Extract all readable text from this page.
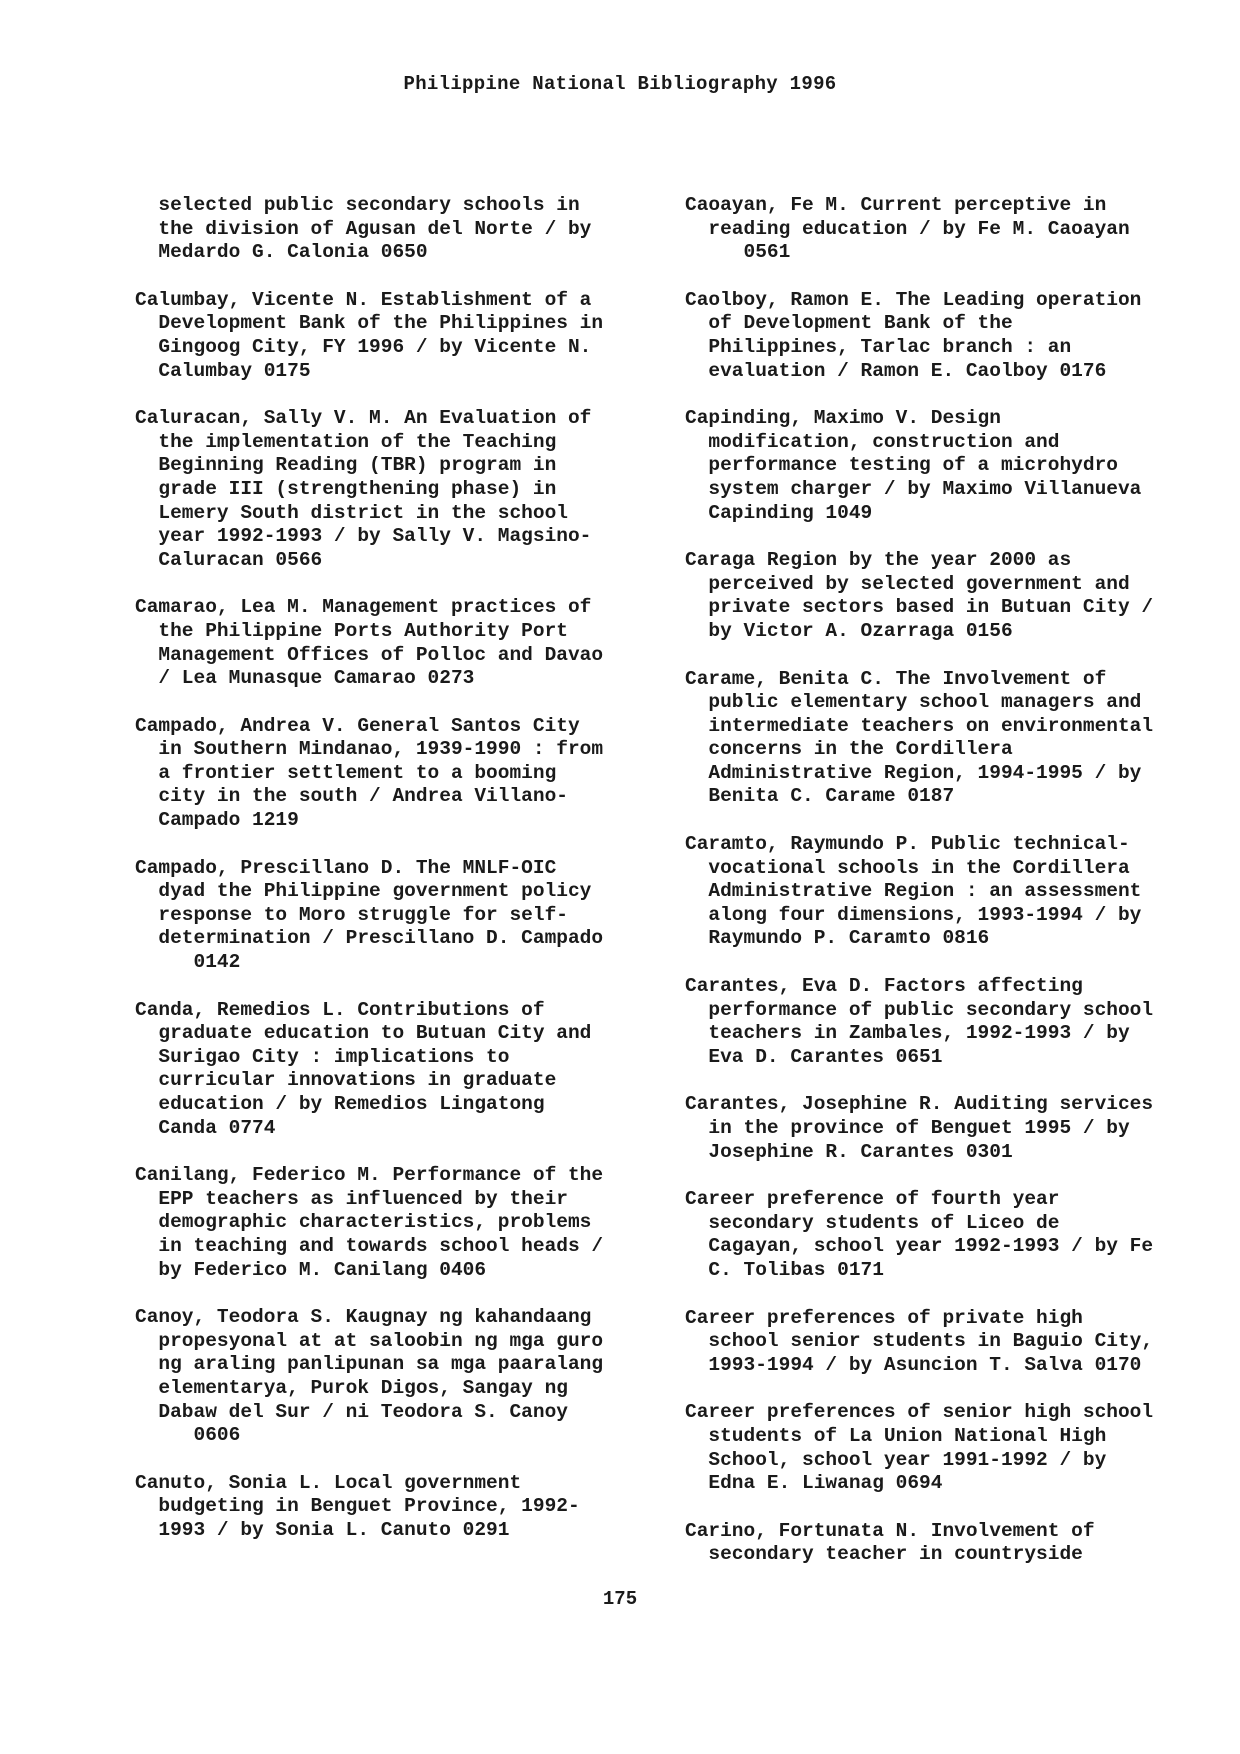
Philippine National Bibliography 1996

selected public secondary schools in
the division of Agusan del Norte / by
Medardo G. Calonia 0650

Calumbay, Vicente N. Establishment of a
Development Bank of the Philippines in
Gingoog City, FY 1996 / by Vicente N.
Calumbay 0175

Caluracan, Sally V. M. An Evaluation of
the implementation of the Teaching
Beginning Reading (TBR) program in
grade III (strengthening phase) in
Lemery South district in the school
year 1992-1993 / by Sally V. Magsino-
Caluracan 0566

Camarao, Lea M. Management practices of
the Philippine Ports Authority Port
Management Offices of Polloc and Davao
/ Lea Munasque Camarao 0273

Campado, Andrea V. General Santos City
in Southern Mindanao, 1939-1990 : from
a frontier settlement to a booming
city in the south / Andrea Villano-
Campado 1219

Campado, Prescillano D. The MNLF-OIC
dyad the Philippine government policy
response to Moro struggle for self-
determination / Prescillano D. Campado
0142

Canda, Remedios L. Contributions of
graduate education to Butuan City and
Surigao City : implications to
curricular innovations in graduate
education / by Remedios Lingatong
Canda 0774

Canilang, Federico M. Performance of the
EPP teachers as influenced by their
demographic characteristics, problems
in teaching and towards school heads /
by Federico M. Canilang 0406

Canoy, Teodora S. Kaugnay ng kahandaang
propesyonal at at saloobin ng mga guro
ng araling panlipunan sa mga paaralang
elementarya, Purok Digos, Sangay ng
Dabaw del Sur / ni Teodora S. Canoy
0606

Canuto, Sonia L. Local government
budgeting in Benguet Province, 1992-
1993 / by Sonia L. Canuto 0291

Caoayan, Fe M. Current perceptive in
reading education / by Fe M. Caoayan
0561

Caolboy, Ramon E. The Leading operation
of Development Bank of the
Philippines, Tarlac branch : an
evaluation / Ramon E. Caolboy 0176

Capinding, Maximo V. Design
modification, construction and
performance testing of a microhydro
system charger / by Maximo Villanueva
Capinding 1049

Caraga Region by the year 2000 as
perceived by selected government and
private sectors based in Butuan City /
by Victor A. Ozarraga 0156

Carame, Benita C. The Involvement of
public elementary school managers and
intermediate teachers on environmental
concerns in the Cordillera
Administrative Region, 1994-1995 / by
Benita C. Carame 0187

Caramto, Raymundo P. Public technical-
vocational schools in the Cordillera
Administrative Region : an assessment
along four dimensions, 1993-1994 / by
Raymundo P. Caramto 0816

Carantes, Eva D. Factors affecting
performance of public secondary school
teachers in Zambales, 1992-1993 / by
Eva D. Carantes 0651

Carantes, Josephine R. Auditing services
in the province of Benguet 1995 / by
Josephine R. Carantes 0301

Career preference of fourth year
secondary students of Liceo de
Cagayan, school year 1992-1993 / by Fe
C. Tolibas 0171

Career preferences of private high
school senior students in Baguio City,
1993-1994 / by Asuncion T. Salva 0170

Career preferences of senior high school
students of La Union National High
School, school year 1991-1992 / by
Edna E. Liwanag 0694

Carino, Fortunata N. Involvement of
secondary teacher in countryside

175
